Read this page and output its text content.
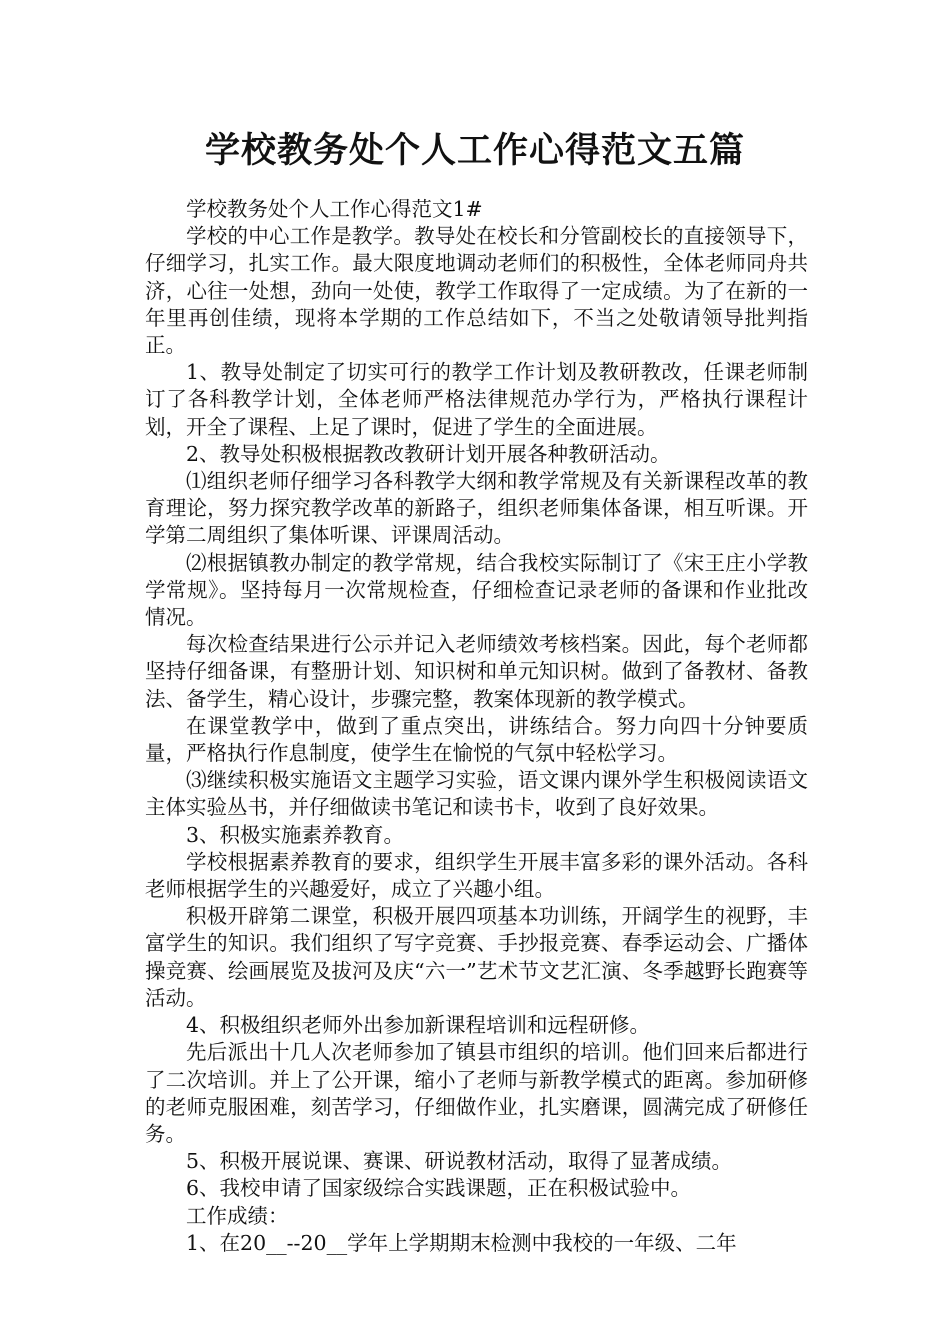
学校教务处个人工作心得范文五篇

学校教务处个人工作心得范文1#

学校的中心工作是教学。教导处在校长和分管副校长的直接领导下，仔细学习，扎实工作。最大限度地调动老师们的积极性，全体老师同舟共济，心往一处想，劲向一处使，教学工作取得了一定成绩。为了在新的一年里再创佳绩，现将本学期的工作总结如下，不当之处敬请领导批判指正。

1、教导处制定了切实可行的教学工作计划及教研教改，任课老师制订了各科教学计划，全体老师严格法律规范办学行为，严格执行课程计划，开全了课程、上足了课时，促进了学生的全面进展。

2、教导处积极根据教改教研计划开展各种教研活动。

⑴组织老师仔细学习各科教学大纲和教学常规及有关新课程改革的教育理论，努力探究教学改革的新路子，组织老师集体备课，相互听课。开学第二周组织了集体听课、评课周活动。

⑵根据镇教办制定的教学常规，结合我校实际制订了《宋王庄小学教学常规》。坚持每月一次常规检查，仔细检查记录老师的备课和作业批改情况。

每次检查结果进行公示并记入老师绩效考核档案。因此，每个老师都坚持仔细备课，有整册计划、知识树和单元知识树。做到了备教材、备教法、备学生，精心设计，步骤完整，教案体现新的教学模式。

在课堂教学中，做到了重点突出，讲练结合。努力向四十分钟要质量，严格执行作息制度，使学生在愉悦的气氛中轻松学习。

⑶继续积极实施语文主题学习实验，语文课内课外学生积极阅读语文主体实验丛书，并仔细做读书笔记和读书卡，收到了良好效果。

3、积极实施素养教育。

学校根据素养教育的要求，组织学生开展丰富多彩的课外活动。各科老师根据学生的兴趣爱好，成立了兴趣小组。

积极开辟第二课堂，积极开展四项基本功训练，开阔学生的视野，丰富学生的知识。我们组织了写字竞赛、手抄报竞赛、春季运动会、广播体操竞赛、绘画展览及拔河及庆“六一”艺术节文艺汇演、冬季越野长跑赛等活动。

4、积极组织老师外出参加新课程培训和远程研修。

先后派出十几人次老师参加了镇县市组织的培训。他们回来后都进行了二次培训。并上了公开课，缩小了老师与新教学模式的距离。参加研修的老师克服困难，刻苦学习，仔细做作业，扎实磨课，圆满完成了研修任务。

5、积极开展说课、赛课、研说教材活动，取得了显著成绩。

6、我校申请了国家级综合实践课题，正在积极试验中。

工作成绩：

1、在20__--20__学年上学期期末检测中我校的一年级、二年
